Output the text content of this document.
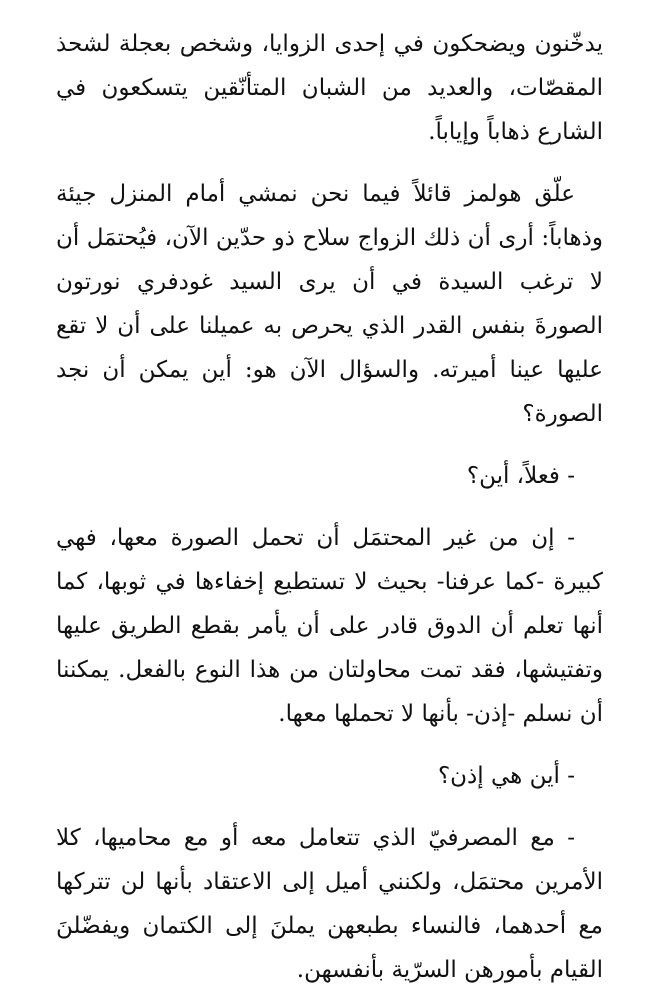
يدخّنون ويضحكون في إحدى الزوايا، وشخص بعجلة لشحذ المقصّات، والعديد من الشبان المتأنّقين يتسكعون في الشارع ذهاباً وإياباً.

علّق هولمز قائلاً فيما نحن نمشي أمام المنزل جيئة وذهاباً: أرى أن ذلك الزواج سلاح ذو حدّين الآن، فيُحتمَل أن لا ترغب السيدة في أن يرى السيد غودفري نورتون الصورةَ بنفس القدر الذي يحرص به عميلنا على أن لا تقع عليها عينا أميرته. والسؤال الآن هو: أين يمكن أن نجد الصورة؟

- فعلاً، أين؟

- إن من غير المحتمَل أن تحمل الصورة معها، فهي كبيرة -كما عرفنا- بحيث لا تستطيع إخفاءها في ثوبها، كما أنها تعلم أن الدوق قادر على أن يأمر بقطع الطريق عليها وتفتيشها، فقد تمت محاولتان من هذا النوع بالفعل. يمكننا أن نسلم -إذن- بأنها لا تحملها معها.

- أين هي إذن؟

- مع المصرفيّ الذي تتعامل معه أو مع محاميها، كلا الأمرين محتمَل، ولكنني أميل إلى الاعتقاد بأنها لن تتركها مع أحدهما، فالنساء بطبعهن يملنَ إلى الكتمان ويفضّلنَ القيام بأمورهن السرّية بأنفسهن.
